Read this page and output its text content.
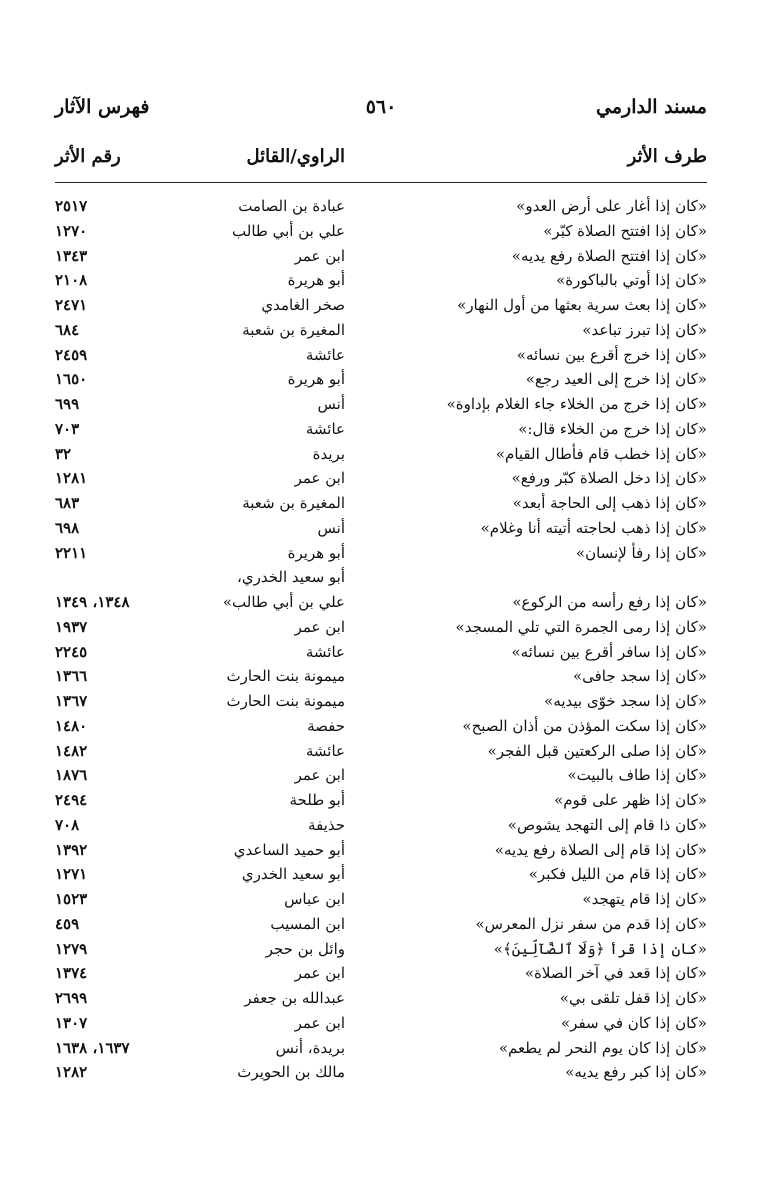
مسند الدارمي
٥٦٠
فهرس الآثار
طرف الأثر
الراوي/القائل
رقم الأثر
«كان إذا أغار على أرض العدو»
عبادة بن الصامت
٢٥١٧
«كان إذا افتتح الصلاة كبّر»
علي بن أبي طالب
١٢٧٠
«كان إذا افتتح الصلاة رفع يديه»
ابن عمر
١٣٤٣
«كان إذا أوتي بالباكورة»
أبو هريرة
٢١٠٨
«كان إذا بعث سرية بعثها من أول النهار»
صخر الغامدي
٢٤٧١
«كان إذا تبرز تباعد»
المغيرة بن شعبة
٦٨٤
«كان إذا خرج أقرع بين نسائه»
عائشة
٢٤٥٩
«كان إذا خرج إلى العيد رجع»
أبو هريرة
١٦٥٠
«كان إذا خرج من الخلاء جاء الغلام بإداوة»
أنس
٦٩٩
«كان إذا خرج من الخلاء قال:»
عائشة
٧٠٣
«كان إذا خطب قام فأطال القيام»
بريدة
٣٢
«كان إذا دخل الصلاة كبّر ورفع»
ابن عمر
١٢٨١
«كان إذا ذهب إلى الحاجة أبعد»
المغيرة بن شعبة
٦٨٣
«كان إذا ذهب لحاجته أتيته أنا وغلام»
أنس
٦٩٨
«كان إذا رفأ لإنسان»
أبو هريرة
٢٢١١
«كان إذا رفع رأسه من الركوع»
أبو سعيد الخدري،
علي بن أبي طالب»
١٣٤٨، ١٣٤٩
«كان إذا رمى الجمرة التي تلي المسجد»
ابن عمر
١٩٣٧
«كان إذا سافر أقرع بين نسائه»
عائشة
٢٢٤٥
«كان إذا سجد جافى»
ميمونة بنت الحارث
١٣٦٦
«كان إذا سجد خوّى بيديه»
ميمونة بنت الحارث
١٣٦٧
«كان إذا سكت المؤذن من أذان الصبح»
حفصة
١٤٨٠
«كان إذا صلى الركعتين قبل الفجر»
عائشة
١٤٨٢
«كان إذا طاف بالبيت»
ابن عمر
١٨٧٦
«كان إذا ظهر على قوم»
أبو طلحة
٢٤٩٤
«كان ذا قام إلى التهجد يشوص»
حذيفة
٧٠٨
«كان إذا قام إلى الصلاة رفع يديه»
أبو حميد الساعدي
١٣٩٢
«كان إذا قام من الليل فكبر»
أبو سعيد الخدري
١٢٧١
«كان إذا قام يتهجد»
ابن عباس
١٥٢٣
«كان إذا قدم من سفر نزل المعرس»
ابن المسيب
٤٥٩
«كان إذا قرأ ﴿وَلَا ٱلضَّآلِّينَ﴾»
وائل بن حجر
١٢٧٩
«كان إذا قعد في آخر الصلاة»
ابن عمر
١٣٧٤
«كان إذا قفل تلقى بي»
عبدالله بن جعفر
٢٦٩٩
«كان إذا كان في سفر»
ابن عمر
١٣٠٧
«كان إذا كان يوم النحر لم يطعم»
بريدة، أنس
١٦٣٧، ١٦٣٨
«كان إذا كبر رفع يديه»
مالك بن الحويرث
١٢٨٢
